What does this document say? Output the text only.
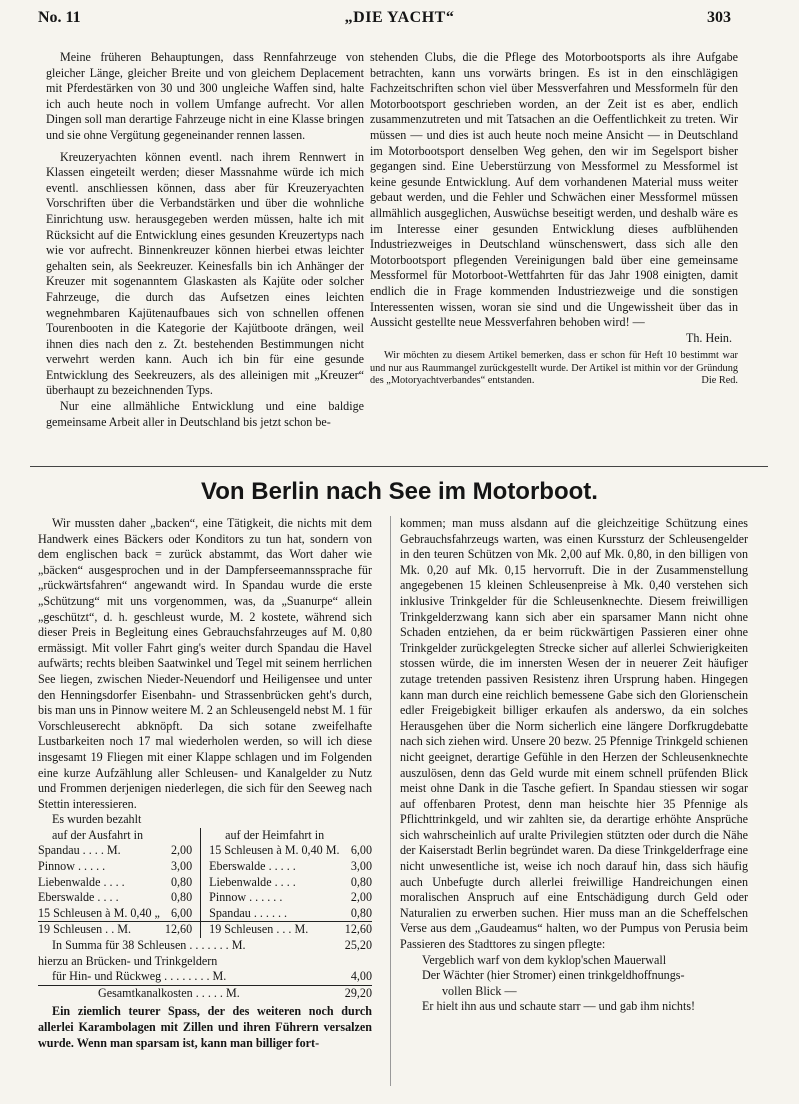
No. 11	„DIE YACHT“	303

Meine früheren Behauptungen, dass Rennfahrzeuge von gleicher Länge, gleicher Breite und von gleichem Deplacement mit Pferdestärken von 30 und 300 ungleiche Waffen sind, halte ich auch heute noch in vollem Umfange aufrecht. Vor allen Dingen soll man derartige Fahrzeuge nicht in eine Klasse bringen und sie ohne Vergütung gegeneinander rennen lassen.

Kreuzeryachten können eventl. nach ihrem Rennwert in Klassen eingeteilt werden; dieser Massnahme würde ich mich eventl. anschliessen können, dass aber für Kreuzeryachten Vorschriften über die Verbandstärken und über die wohnliche Einrichtung usw. herausgegeben werden müssen, halte ich mit Rücksicht auf die Entwicklung eines gesunden Kreuzertyps nach wie vor aufrecht. Binnenkreuzer können hierbei etwas leichter gehalten sein, als Seekreuzer. Keinesfalls bin ich Anhänger der Kreuzer mit sogenanntem Glaskasten als Kajüte oder solcher Fahrzeuge, die durch das Aufsetzen eines leichten wegnehmbaren Kajütenaufbaues sich von schnellen offenen Tourenbooten in die Kategorie der Kajütboote drängen, weil ihnen dies nach den z. Zt. bestehenden Bestimmungen nicht verwehrt werden kann. Auch ich bin für eine gesunde Entwicklung des Seekreuzers, als des alleinigen mit „Kreuzer“ überhaupt zu bezeichnenden Typs.

Nur eine allmähliche Entwicklung und eine baldige gemeinsame Arbeit aller in Deutschland bis jetzt schon be-

stehenden Clubs, die die Pflege des Motorbootsports als ihre Aufgabe betrachten, kann uns vorwärts bringen. Es ist in den einschlägigen Fachzeitschriften schon viel über Messverfahren und Messformeln für den Motorbootsport geschrieben worden, an der Zeit ist es aber, endlich zusammenzutreten und mit Tatsachen an die Oeffentlichkeit zu treten. Wir müssen — und dies ist auch heute noch meine Ansicht — in Deutschland im Motorbootsport denselben Weg gehen, den wir im Segelsport bisher gegangen sind. Eine Ueberstürzung von Messformel zu Messformel ist keine gesunde Entwicklung. Auf dem vorhandenen Material muss weiter gebaut werden, und die Fehler und Schwächen einer Messformel müssen allmählich ausgeglichen, Auswüchse beseitigt werden, und deshalb wäre es im Interesse einer gesunden Entwicklung dieses aufblühenden Industriezweiges in Deutschland wünschenswert, dass sich alle den Motorbootsport pflegenden Vereinigungen bald über eine gemeinsame Messformel für Motorboot-Wettfahrten für das Jahr 1908 einigten, damit endlich die in Frage kommenden Industriezweige und die sonstigen Interessenten wissen, woran sie sind und die Ungewissheit über das in Aussicht gestellte neue Messverfahren behoben wird! —

Th. Hein.
Wir möchten zu diesem Artikel bemerken, dass er schon für Heft 10 bestimmt war und nur aus Raummangel zurückgestellt wurde. Der Artikel ist mithin vor der Gründung des „Motoryachtverbandes“ entstanden.	Die Red.
Von Berlin nach See im Motorboot.

Wir mussten daher „backen“, eine Tätigkeit, die nichts mit dem Handwerk eines Bäckers oder Konditors zu tun hat, sondern von dem englischen back = zurück abstammt, das Wort daher wie „bäcken“ ausgesprochen und in der Dampferseemannssprache für „rückwärtsfahren“ angewandt wird. In Spandau wurde die erste „Schützung“ mit uns vorgenommen, was, da „Suanurpe“ allein „geschützt“, d. h. geschleust wurde, M. 2 kostete, während sich dieser Preis in Begleitung eines Gebrauchsfahrzeuges auf M. 0,80 ermässigt. Mit voller Fahrt ging's weiter durch Spandau die Havel aufwärts; rechts bleiben Saatwinkel und Tegel mit seinem herrlichen See liegen, zwischen Nieder-Neuendorf und Heiligensee und unter den Henningsdorfer Eisenbahn- und Strassenbrücken geht's durch, bis man uns in Pinnow weitere M. 2 an Schleusengeld nebst M. 1 für Vorschleuserecht abknöpft. Da sich sotane zweifelhafte Lustbarkeiten noch 17 mal wiederholen werden, so will ich diese insgesamt 19 Fliegen mit einer Klappe schlagen und im Folgenden eine kurze Aufzählung aller Schleusen- und Kanalgelder zu Nutz und Frommen derjenigen niederlegen, die sich für den Seeweg nach Stettin interessieren.

Es wurden bezahlt
auf der Ausfahrt in				auf der Heimfahrt in	
Spandau . . . . M.	2,00			15 Schleusen à M. 0,40 M.	6,00
Pinnow . . . . .	3,00			Eberswalde . . . . .	3,00
Liebenwalde . . . .	0,80			Liebenwalde . . . .	0,80
Eberswalde . . . .	0,80			Pinnow . . . . . .	2,00
15 Schleusen à M. 0,40 „	6,00			Spandau . . . . . .	0,80
19 Schleusen . . M.	12,60			19 Schleusen . . . M.	12,60
In Summa für 38 Schleusen . . . . . . . M.	25,20
hierzu an Brücken- und Trinkgeldern
für Hin- und Rückweg . . . . . . . . M.	4,00
Gesamtkanalkosten . . . . . M.	29,20

Ein ziemlich teurer Spass, der des weiteren noch durch allerlei Karambolagen mit Zillen und ihren Führern versalzen wurde. Wenn man sparsam ist, kann man billiger fort-

kommen; man muss alsdann auf die gleichzeitige Schützung eines Gebrauchsfahrzeugs warten, was einen Kurssturz der Schleusengelder in den teuren Schützen von Mk. 2,00 auf Mk. 0,80, in den billigen von Mk. 0,20 auf Mk. 0,15 hervorruft. Die in der Zusammenstellung angegebenen 15 kleinen Schleusenpreise à Mk. 0,40 verstehen sich inklusive Trinkgelder für die Schleusenknechte. Diesem freiwilligen Trinkgelderzwang kann sich aber ein sparsamer Mann nicht ohne Schaden entziehen, da er beim rückwärtigen Passieren einer ohne Trinkgelder zurückgelegten Strecke sicher auf allerlei Schwierigkeiten stossen würde, die im innersten Wesen der in neuerer Zeit häufiger zutage tretenden passiven Resistenz ihren Ursprung haben. Hingegen kann man durch eine reichlich bemessene Gabe sich den Glorienschein edler Freigebigkeit billiger erkaufen als anderswo, da ein solches Herausgehen über die Norm sicherlich eine längere Dorfkrugdebatte nach sich ziehen wird. Unsere 20 bezw. 25 Pfennige Trinkgeld schienen nicht geeignet, derartige Gefühle in den Herzen der Schleusenknechte auszulösen, denn das Geld wurde mit einem schnell prüfenden Blick meist ohne Dank in die Tasche gefiert. In Spandau stiessen wir sogar auf offenbaren Protest, denn man heischte hier 35 Pfennige als Pflichttrinkgeld, und wir zahlten sie, da derartige erhöhte Ansprüche sich wahrscheinlich auf uralte Privilegien stützten oder durch die Nähe der Kaiserstadt Berlin begründet waren. Da diese Trinkgelderfrage eine nicht unwesentliche ist, weise ich noch darauf hin, dass sich häufig auch Unbefugte durch allerlei freiwillige Handreichungen einen moralischen Anspruch auf eine Entschädigung durch Geld oder Naturalien zu erwerben suchen. Hier muss man an die Scheffelschen Verse aus dem „Gaudeamus“ halten, wo der Pumpus von Perusia beim Passieren des Stadttores zu singen pflegte:

Vergeblich warf von dem kyklop'schen Mauerwall
Der Wächter (hier Stromer) einen trinkgeldhoffnungs-
vollen Blick —
Er hielt ihn aus und schaute starr — und gab ihm nichts!
